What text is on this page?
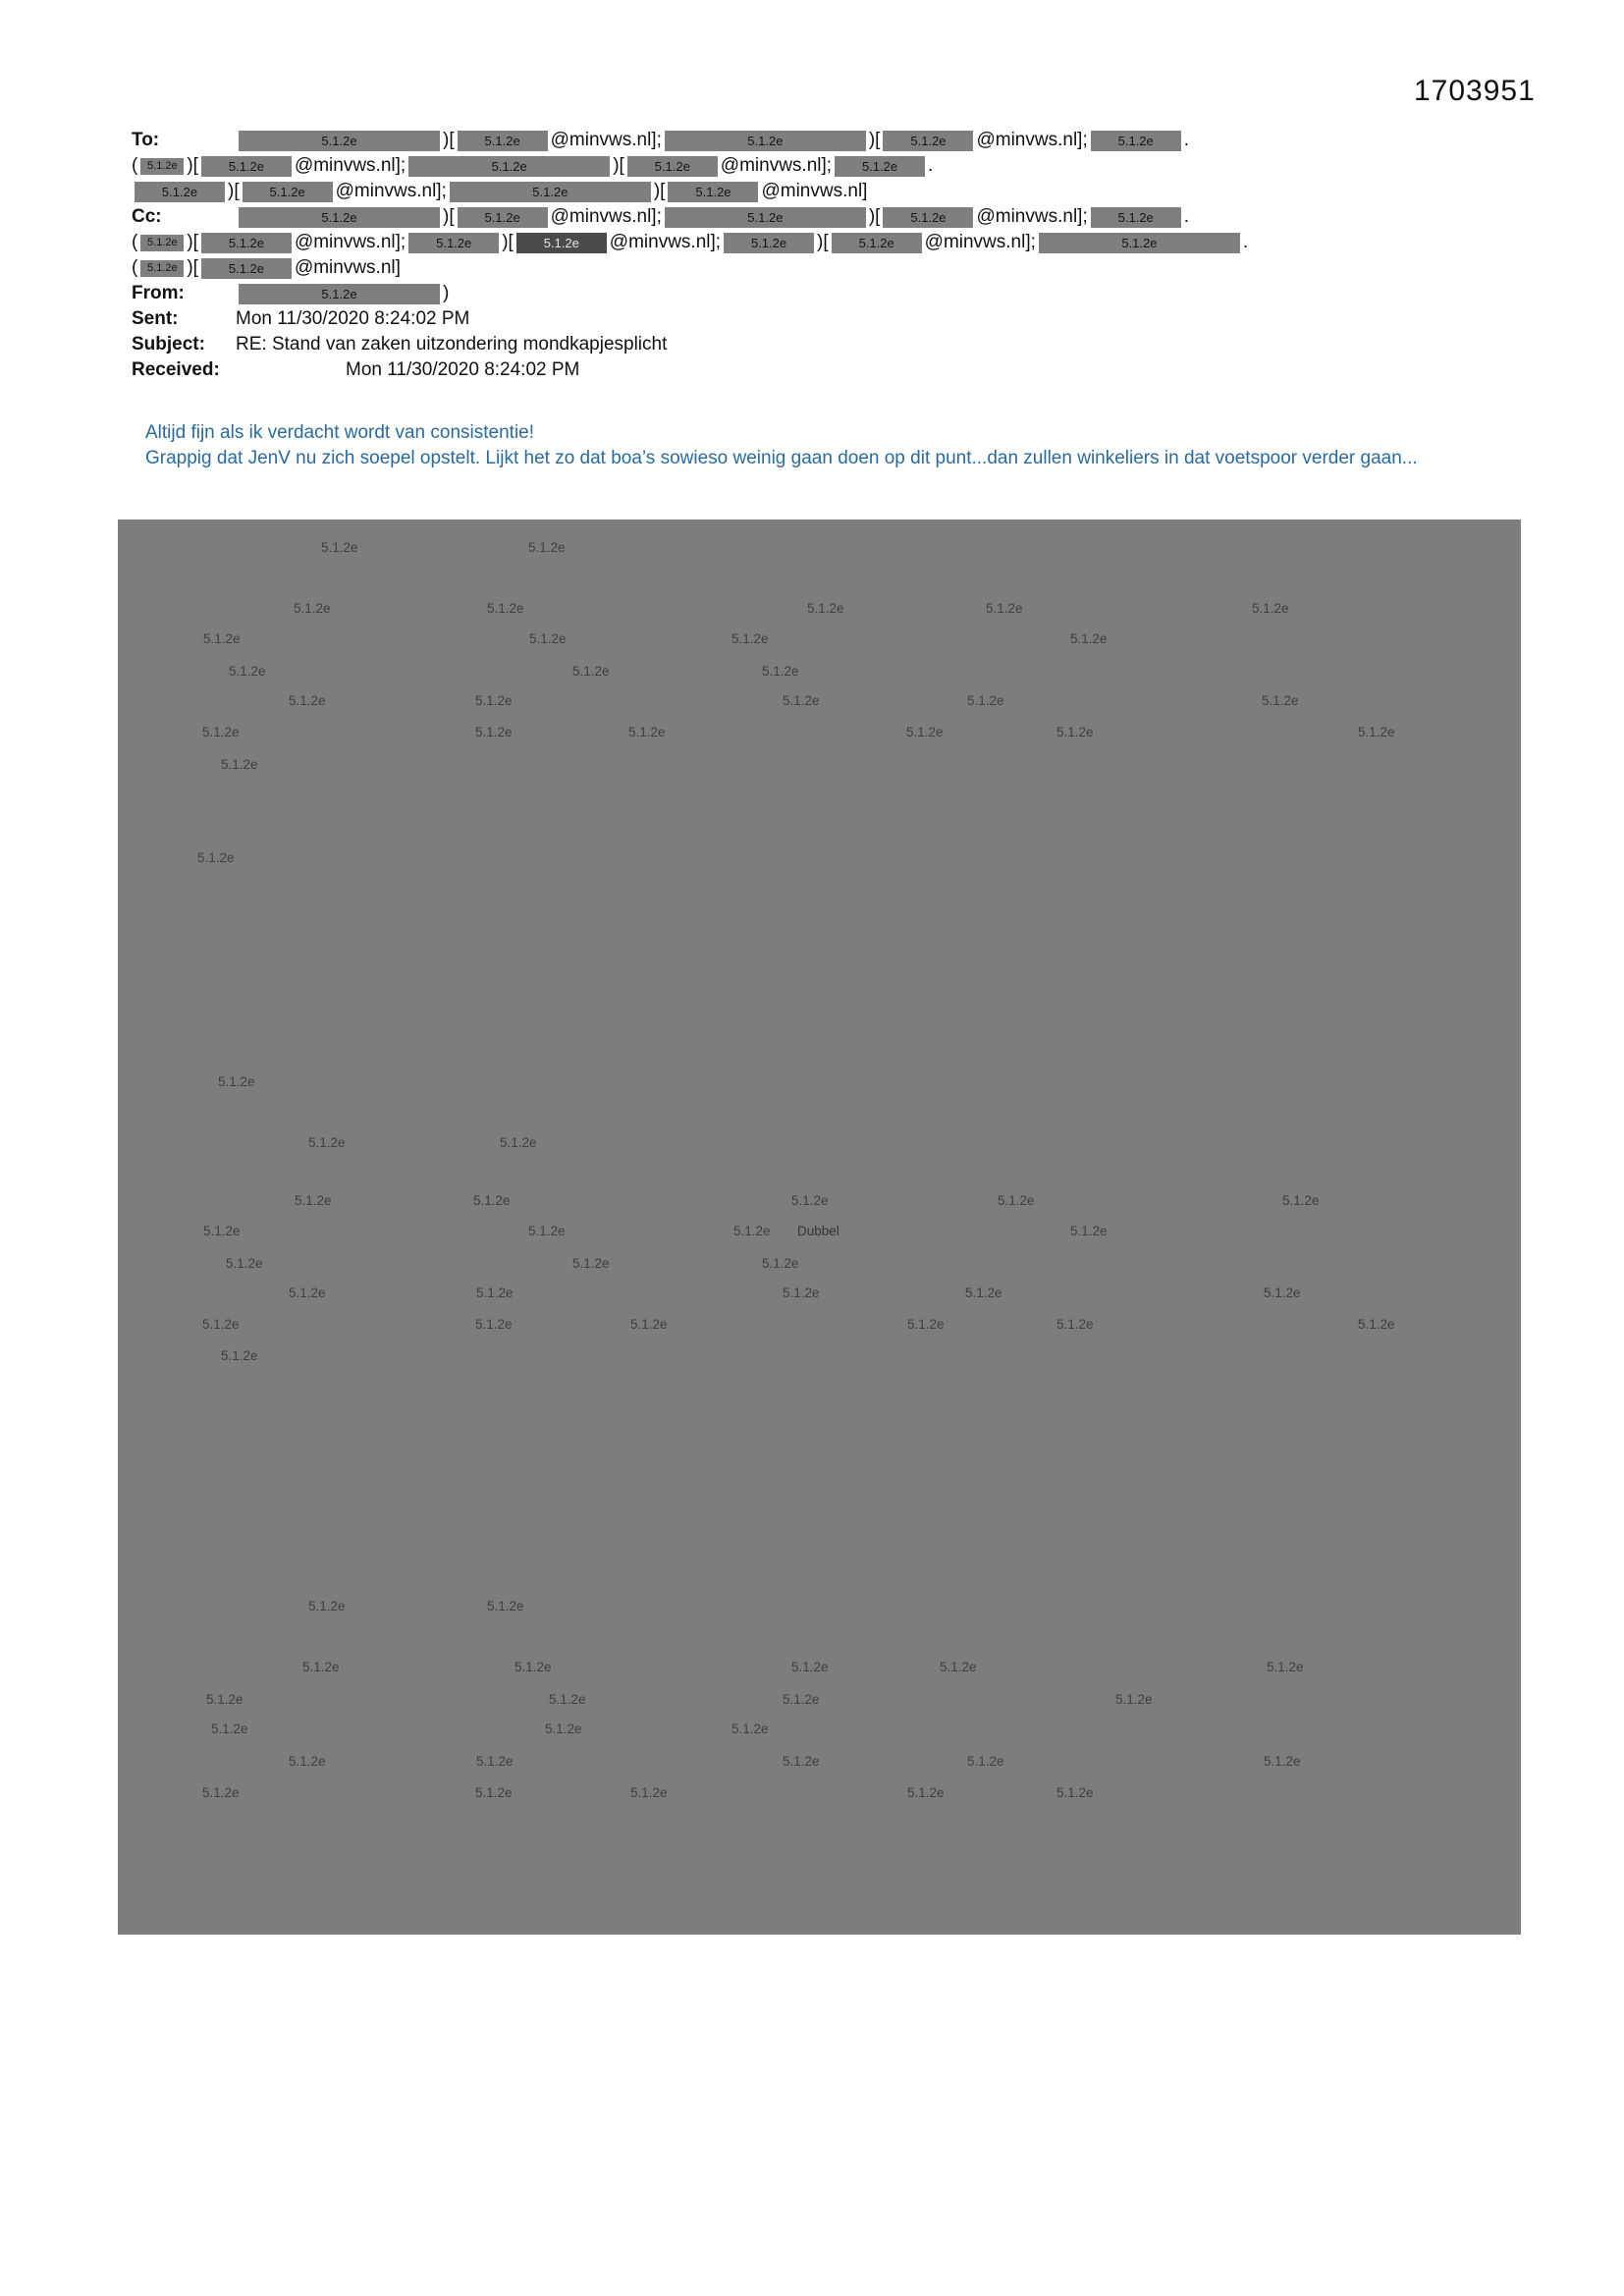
1703951
To:	5.1.2e	)[ 5.1.2e @minvws.nl];	5.1.2e	)[ 5.1.2e @minvws.nl]; 5.1.2e .
( 5.1.2e )[ 5.1.2e @minvws.nl];	5.1.2e	)[ 5.1.2e @minvws.nl]; 5.1.2e .
5.1.2e )[ 5.1.2e @minvws.nl];	5.1.2e	)[ 5.1.2e @minvws.nl]
Cc:	5.1.2e	)[ 5.1.2e @minvws.nl];	5.1.2e	)[ 5.1.2e @minvws.nl]; 5.1.2e .
( 5.1.2e )[ 5.1.2e @minvws.nl]; 5.1.2e )[ 5.1.2e @minvws.nl]; 5.1.2e )[ 5.1.2e @minvws.nl];	5.1.2e	.
( 5.1.2e )[ 5.1.2e @minvws.nl]
From:	5.1.2e	)
Sent:	Mon 11/30/2020 8:24:02 PM
Subject: RE: Stand van zaken uitzondering mondkapjesplicht
Received:	Mon 11/30/2020 8:24:02 PM

Altijd fijn als ik verdacht wordt van consistentie!

Grappig dat JenV nu zich soepel opstelt. Lijkt het zo dat boa’s sowieso weinig gaan doen op dit punt...dan zullen winkeliers in dat voetspoor verder gaan...

5.1.2e	5.1.2e
5.1.2e	5.1.2e	5.1.2e	5.1.2e	5.1.2e
5.1.2e	5.1.2e	5.1.2e	5.1.2e
5.1.2e	5.1.2e	5.1.2e
5.1.2e	5.1.2e	5.1.2e	5.1.2e	5.1.2e
5.1.2e	5.1.2e	5.1.2e	5.1.2e	5.1.2e	5.1.2e
5.1.2e
5.1.2e
5.1.2e
5.1.2e	5.1.2e
5.1.2e	5.1.2e	5.1.2e	5.1.2e	5.1.2e
5.1.2e	5.1.2e	5.1.2e	5.1.2e
5.1.2e	5.1.2e	5.1.2e
5.1.2e	5.1.2e	5.1.2e	5.1.2e	5.1.2e
5.1.2e	5.1.2e	5.1.2e	5.1.2e	5.1.2e	5.1.2e
5.1.2e
5.1.2e	5.1.2e
5.1.2e	5.1.2e	5.1.2e	5.1.2e	5.1.2e
5.1.2e	5.1.2e	5.1.2e	5.1.2e
5.1.2e	5.1.2e	5.1.2e
5.1.2e	5.1.2e	5.1.2e	5.1.2e	5.1.2e
5.1.2e	5.1.2e	5.1.2e	5.1.2e	5.1.2e
Dubbel
